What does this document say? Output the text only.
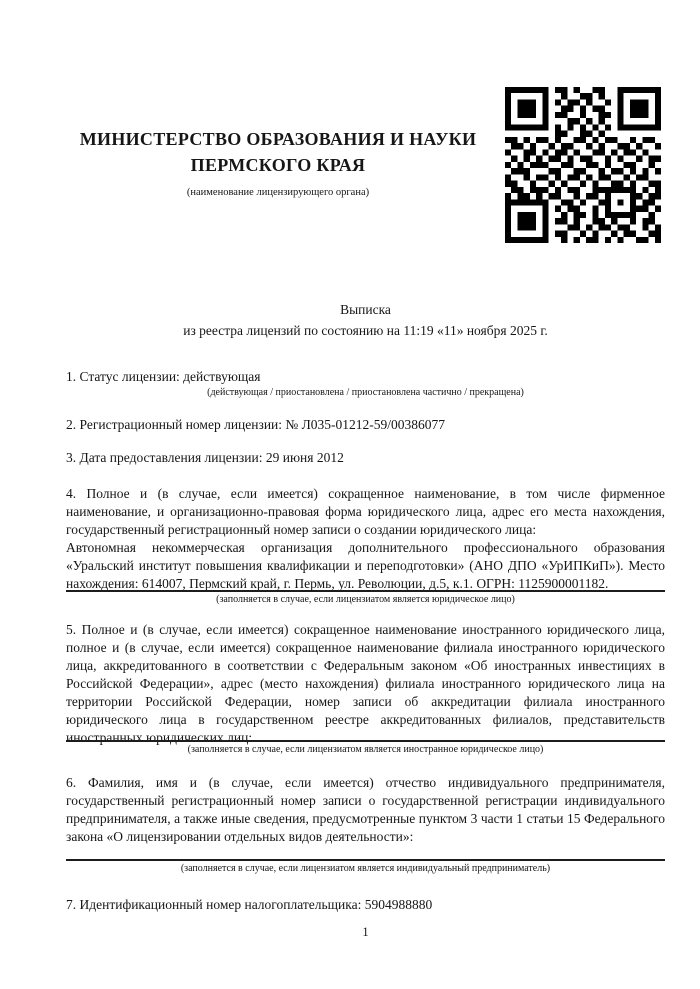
МИНИСТЕРСТВО ОБРАЗОВАНИЯ И НАУКИ
ПЕРМСКОГО КРАЯ
(наименование лицензирующего органа)
Выписка
из реестра лицензий по состоянию на 11:19 «11» ноября 2025 г.
1. Статус лицензии: действующая
(действующая / приостановлена / приостановлена частично / прекращена)
2. Регистрационный номер лицензии: № Л035-01212-59/00386077
3. Дата предоставления лицензии: 29 июня 2012

4. Полное и (в случае, если имеется) сокращенное наименование, в том числе фирменное наименование, и организационно-правовая форма юридического лица, адрес его места нахождения, государственный регистрационный номер записи о создании юридического лица:

Автономная некоммерческая организация дополнительного профессионального образования «Уральский институт повышения квалификации и переподготовки» (АНО ДПО «УрИПКиП»). Место нахождения: 614007, Пермский край, г. Пермь, ул. Революции, д.5, к.1. ОГРН: 1125900001182.

(заполняется в случае, если лицензиатом является юридическое лицо)

5. Полное и (в случае, если имеется) сокращенное наименование иностранного юридического лица, полное и (в случае, если имеется) сокращенное наименование филиала иностранного юридического лица, аккредитованного в соответствии с Федеральным законом «Об иностранных инвестициях в Российской Федерации», адрес (место нахождения) филиала иностранного юридического лица на территории Российской Федерации, номер записи об аккредитации филиала иностранного юридического лица в государственном реестре аккредитованных филиалов, представительств иностранных юридических лиц:

(заполняется в случае, если лицензиатом является иностранное юридическое лицо)

6. Фамилия, имя и (в случае, если имеется) отчество индивидуального предпринимателя, государственный регистрационный номер записи о государственной регистрации индивидуального предпринимателя, а также иные сведения, предусмотренные пунктом 3 части 1 статьи 15 Федерального закона «О лицензировании отдельных видов деятельности»:

(заполняется в случае, если лицензиатом является индивидуальный предприниматель)
7. Идентификационный номер налогоплательщика: 5904988880
1
